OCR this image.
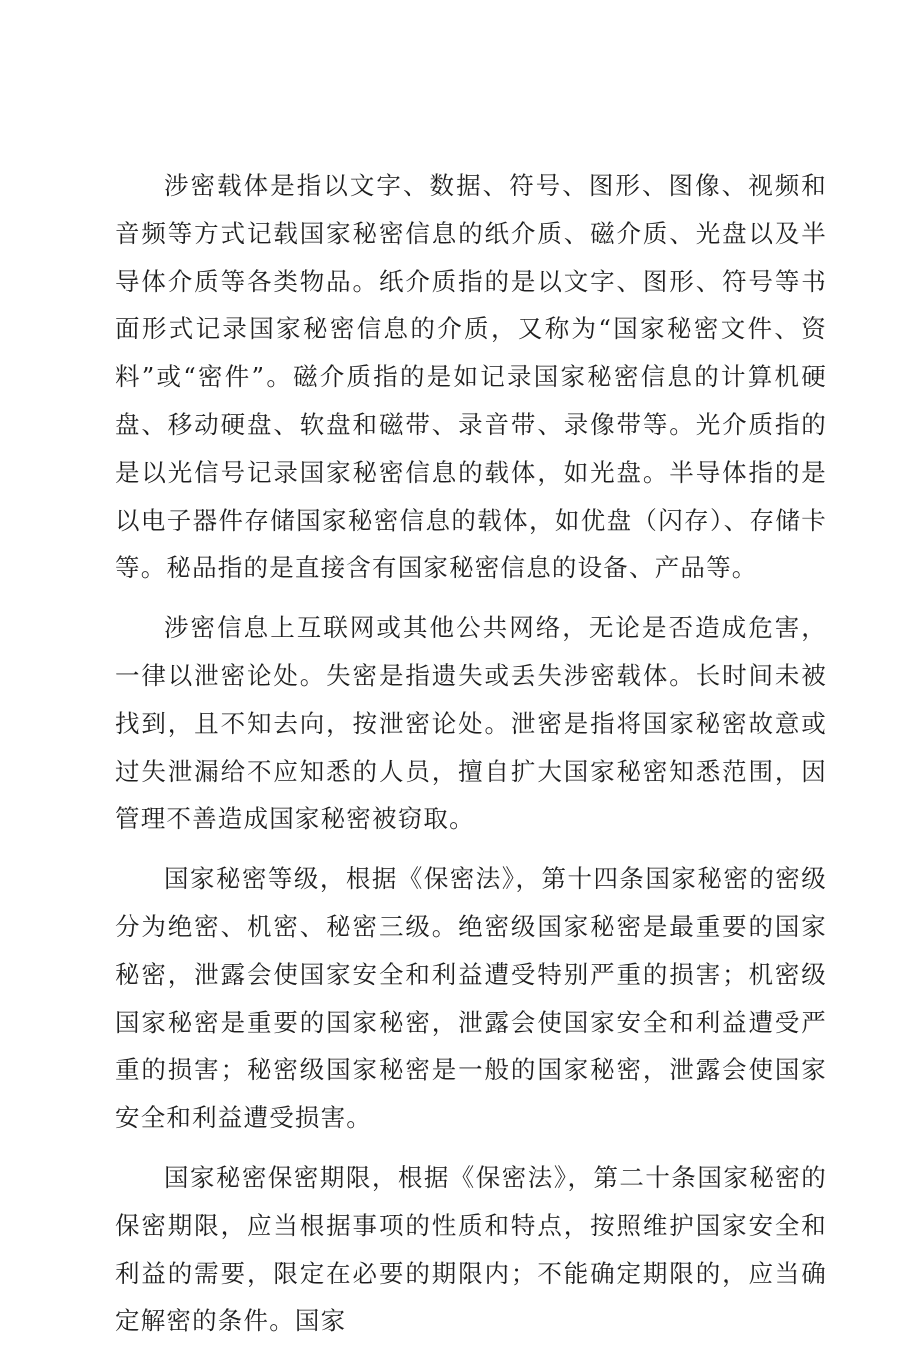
涉密载体是指以文字、数据、符号、图形、图像、视频和音频等方式记载国家秘密信息的纸介质、磁介质、光盘以及半导体介质等各类物品。纸介质指的是以文字、图形、符号等书面形式记录国家秘密信息的介质，又称为“国家秘密文件、资料”或“密件”。磁介质指的是如记录国家秘密信息的计算机硬盘、移动硬盘、软盘和磁带、录音带、录像带等。光介质指的是以光信号记录国家秘密信息的载体，如光盘。半导体指的是以电子器件存储国家秘密信息的载体，如优盘（闪存）、存储卡等。秘品指的是直接含有国家秘密信息的设备、产品等。

涉密信息上互联网或其他公共网络，无论是否造成危害，一律以泄密论处。失密是指遗失或丢失涉密载体。长时间未被找到，且不知去向，按泄密论处。泄密是指将国家秘密故意或过失泄漏给不应知悉的人员，擅自扩大国家秘密知悉范围，因管理不善造成国家秘密被窃取。

国家秘密等级，根据《保密法》，第十四条国家秘密的密级分为绝密、机密、秘密三级。绝密级国家秘密是最重要的国家秘密，泄露会使国家安全和利益遭受特别严重的损害；机密级国家秘密是重要的国家秘密，泄露会使国家安全和利益遭受严重的损害；秘密级国家秘密是一般的国家秘密，泄露会使国家安全和利益遭受损害。

国家秘密保密期限，根据《保密法》，第二十条国家秘密的保密期限，应当根据事项的性质和特点，按照维护国家安全和利益的需要，限定在必要的期限内；不能确定期限的，应当确定解密的条件。国家
